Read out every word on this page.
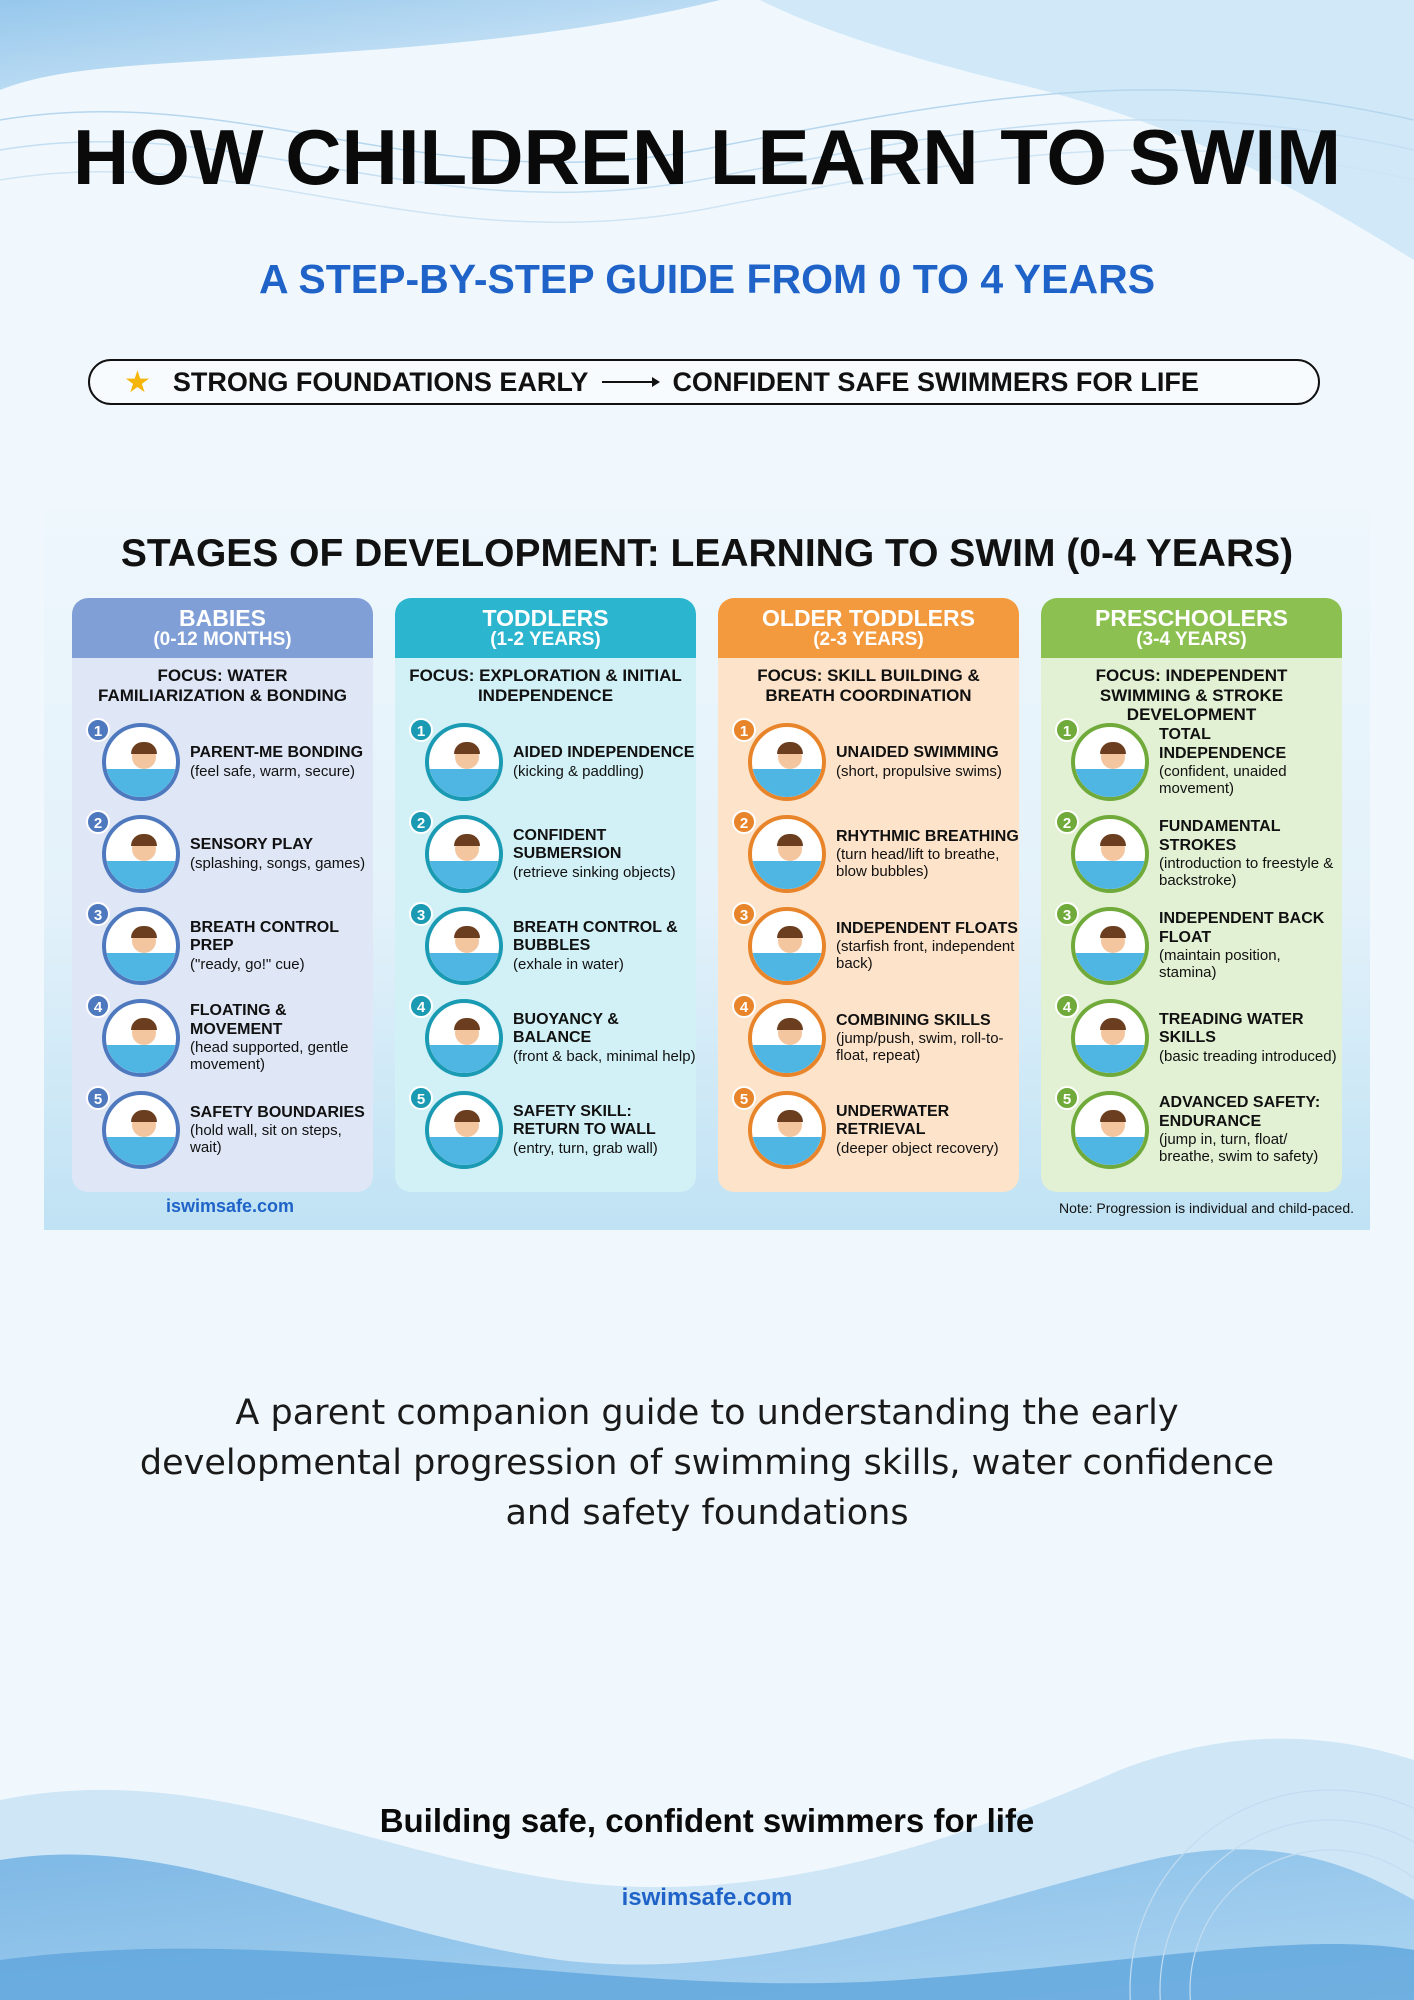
HOW CHILDREN LEARN TO SWIM
A STEP-BY-STEP GUIDE FROM 0 TO 4 YEARS
★ STRONG FOUNDATIONS EARLY	CONFIDENT SAFE SWIMMERS FOR LIFE
STAGES OF DEVELOPMENT: LEARNING TO SWIM (0-4 YEARS)
BABIES
(0-12 MONTHS)
FOCUS: WATER FAMILIARIZATION & BONDING
1
PARENT-ME BONDING
(feel safe, warm, secure)
2
SENSORY PLAY
(splashing, songs, games)
3
BREATH CONTROL PREP
("ready, go!" cue)
4	FLOATING & MOVEMENT
(head supported, gentle movement)
5
SAFETY BOUNDARIES
(hold wall, sit on steps, wait)
TODDLERS
(1-2 YEARS)
FOCUS: EXPLORATION & INITIAL INDEPENDENCE
1
AIDED INDEPENDENCE
(kicking & paddling)
2
CONFIDENT SUBMERSION
(retrieve sinking objects)
3
BREATH CONTROL & BUBBLES
(exhale in water)
4
BUOYANCY & BALANCE
(front & back, minimal help)
5
SAFETY SKILL: RETURN TO WALL
(entry, turn, grab wall)
OLDER TODDLERS
(2-3 YEARS)
FOCUS: SKILL BUILDING & BREATH COORDINATION
1
UNAIDED SWIMMING
(short, propulsive swims)
2
RHYTHMIC BREATHING
(turn head/lift to breathe, blow bubbles)
3
INDEPENDENT FLOATS
(starfish front, independent back)
4
COMBINING SKILLS
(jump/push, swim, roll-to-float, repeat)
5
UNDERWATER RETRIEVAL
(deeper object recovery)
PRESCHOOLERS
(3-4 YEARS)
FOCUS: INDEPENDENT SWIMMING & STROKE DEVELOPMENT
1	TOTAL INDEPENDENCE
(confident, unaided movement)
2	FUNDAMENTAL STROKES
(introduction to freestyle & backstroke)
3	INDEPENDENT BACK FLOAT
(maintain position, stamina)
4
TREADING WATER SKILLS
(basic treading introduced)
5	ADVANCED SAFETY: ENDURANCE
(jump in, turn, float/ breathe, swim to safety)
iswimsafe.com	Note: Progression is individual and child-paced.

A parent companion guide to understanding the early developmental progression of swimming skills, water confidence and safety foundations

Building safe, confident swimmers for life
iswimsafe.com
